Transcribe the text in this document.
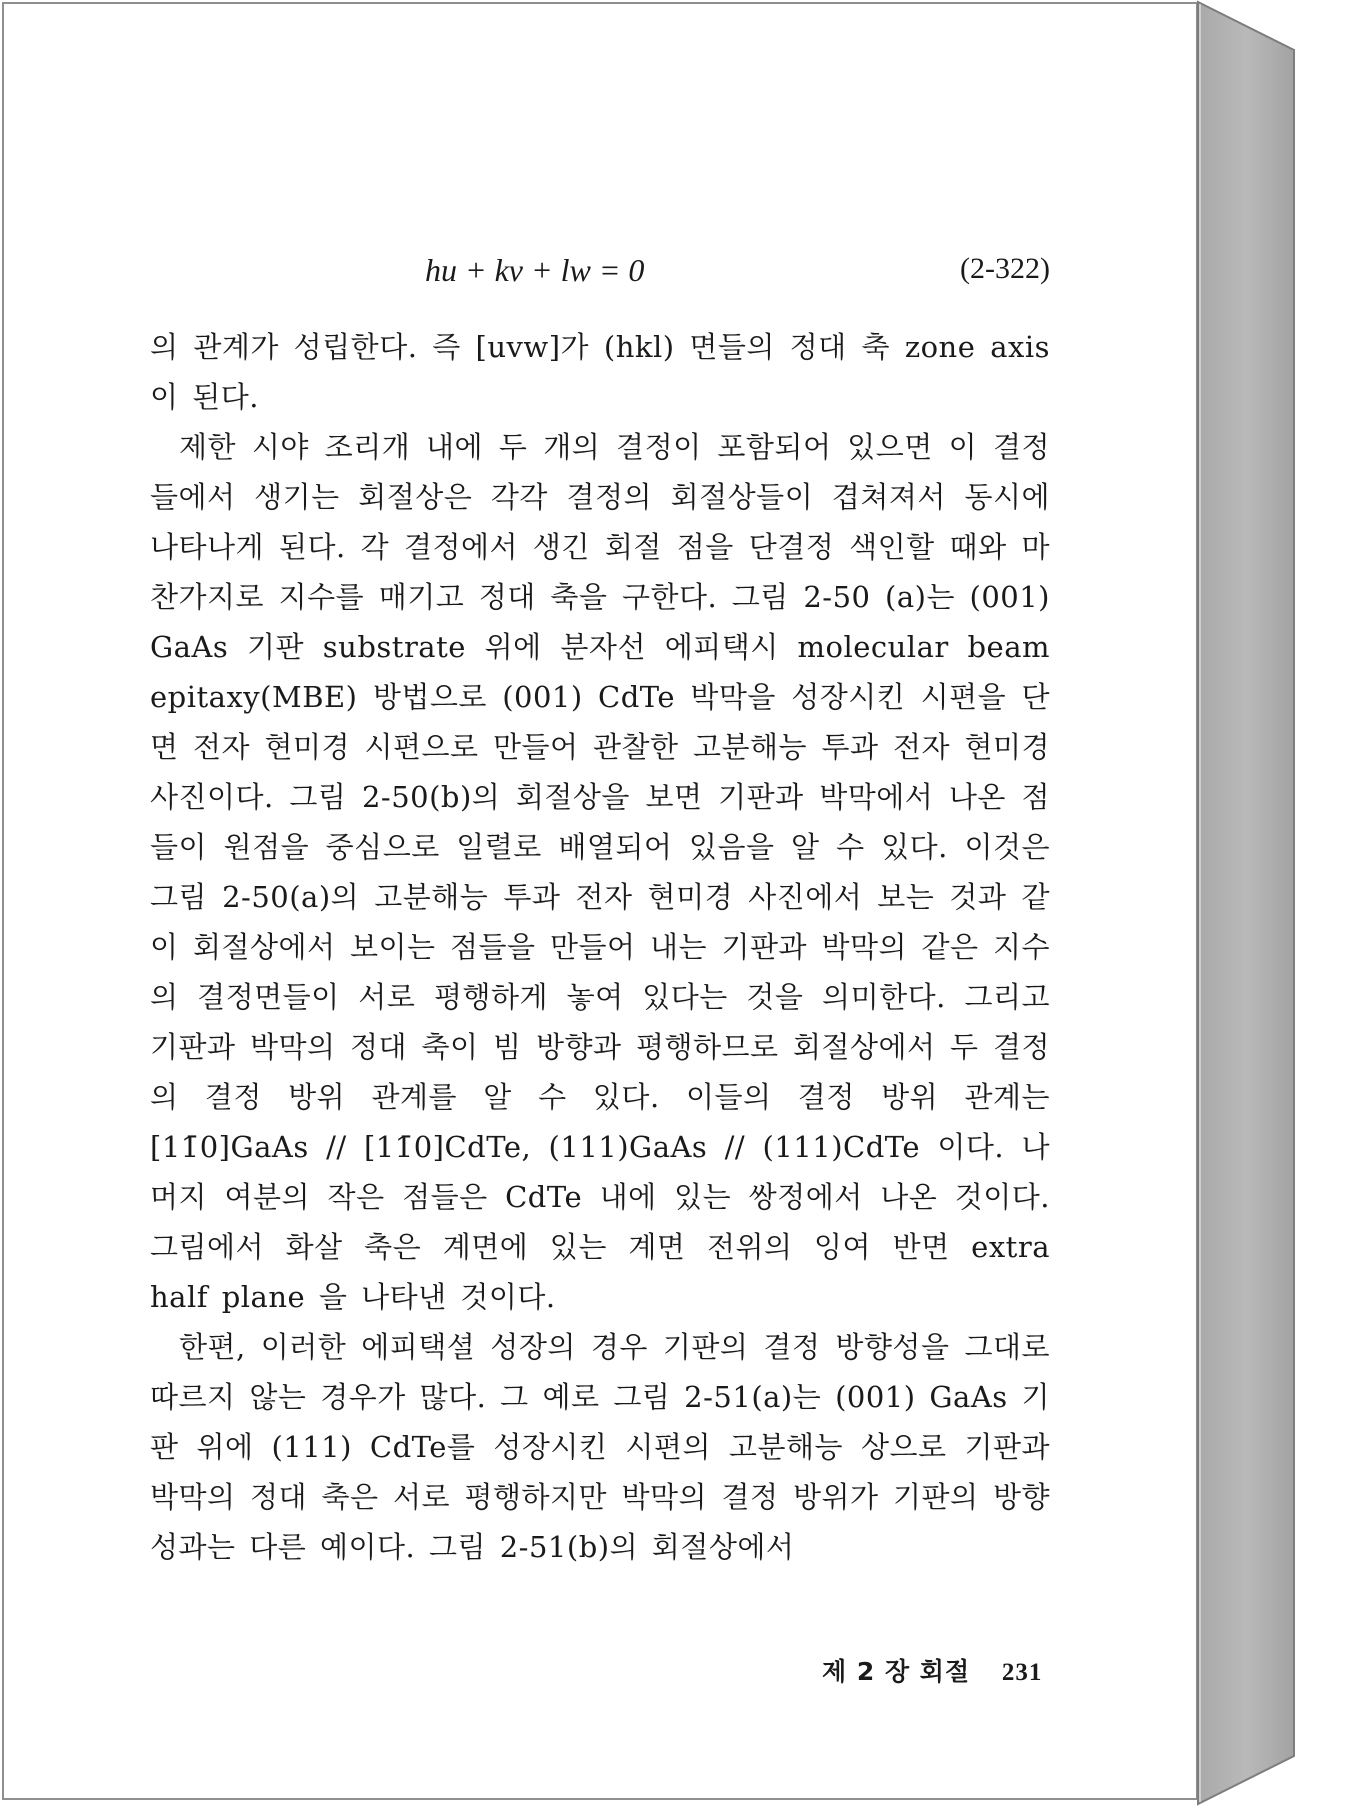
hu + kv + lw = 0	(2-322)

의 관계가 성립한다. 즉 [uvw]가 (hkl) 면들의 정대 축 zone axis 이 된다.

제한 시야 조리개 내에 두 개의 결정이 포함되어 있으면 이 결정들에서 생기는 회절상은 각각 결정의 회절상들이 겹쳐져서 동시에 나타나게 된다. 각 결정에서 생긴 회절 점을 단결정 색인할 때와 마찬가지로 지수를 매기고 정대 축을 구한다. 그림 2-50 (a)는 (001) GaAs 기판 substrate 위에 분자선 에피택시 molecular beam epitaxy(MBE) 방법으로 (001) CdTe 박막을 성장시킨 시편을 단면 전자 현미경 시편으로 만들어 관찰한 고분해능 투과 전자 현미경 사진이다. 그림 2-50(b)의 회절상을 보면 기판과 박막에서 나온 점들이 원점을 중심으로 일렬로 배열되어 있음을 알 수 있다. 이것은 그림 2-50(a)의 고분해능 투과 전자 현미경 사진에서 보는 것과 같이 회절상에서 보이는 점들을 만들어 내는 기판과 박막의 같은 지수의 결정면들이 서로 평행하게 놓여 있다는 것을 의미한다. 그리고 기판과 박막의 정대 축이 빔 방향과 평행하므로 회절상에서 두 결정의 결정 방위 관계를 알 수 있다. 이들의 결정 방위 관계는 [11̄0]GaAs // [11̄0]CdTe, (111)GaAs // (111)CdTe 이다. 나머지 여분의 작은 점들은 CdTe 내에 있는 쌍정에서 나온 것이다. 그림에서 화살 축은 계면에 있는 계면 전위의 잉여 반면 extra half plane 을 나타낸 것이다.

한편, 이러한 에피택셜 성장의 경우 기판의 결정 방향성을 그대로 따르지 않는 경우가 많다. 그 예로 그림 2-51(a)는 (001) GaAs 기판 위에 (111) CdTe를 성장시킨 시편의 고분해능 상으로 기판과 박막의 정대 축은 서로 평행하지만 박막의 결정 방위가 기판의 방향성과는 다른 예이다. 그림 2-51(b)의 회절상에서

제 2 장 회절 231
